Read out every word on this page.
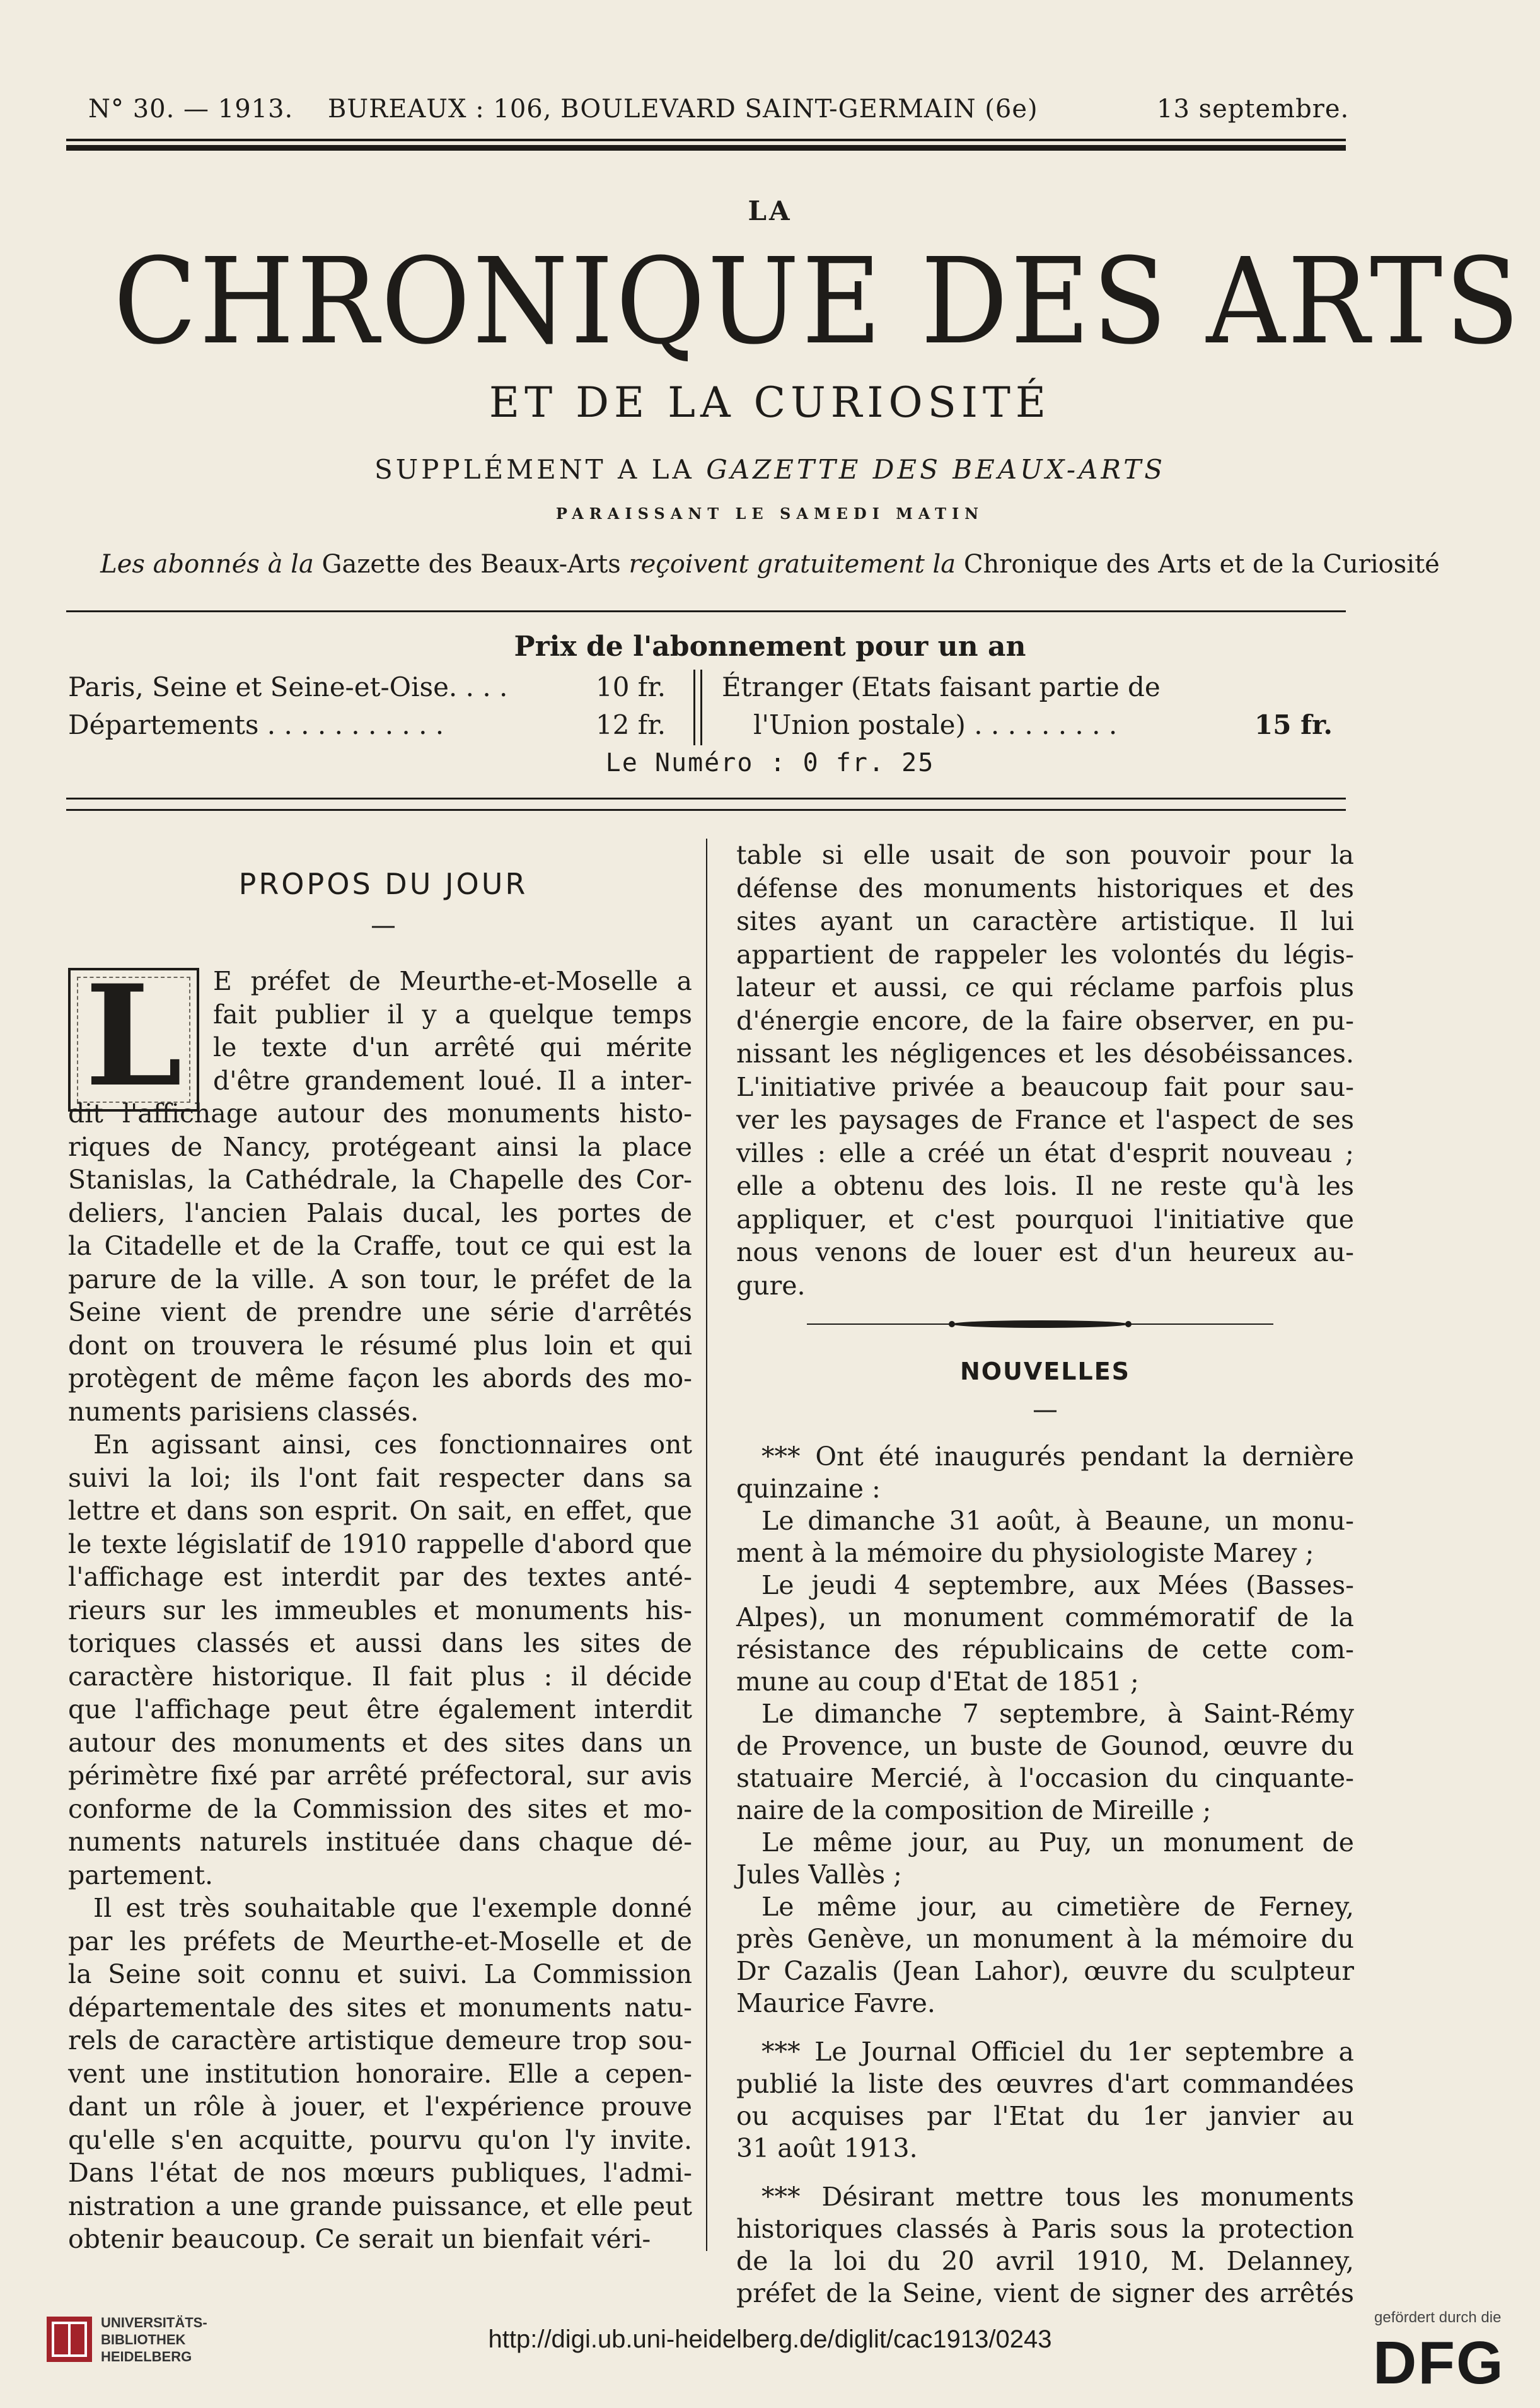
N° 30. — 1913. BUREAUX : 106, BOULEVARD SAINT-GERMAIN (6e)	13 septembre.
LA
CHRONIQUE DES ARTS
ET DE LA CURIOSITÉ
SUPPLÉMENT A LA GAZETTE DES BEAUX-ARTS
PARAISSANT LE SAMEDI MATIN
Les abonnés à la Gazette des Beaux-Arts reçoivent gratuitement la Chronique des Arts et de la Curiosité
Prix de l'abonnement pour un an
Paris, Seine et Seine-et-Oise. . . .	10 fr.
Départements . . . . . . . . . . .	12 fr.
Étranger (Etats faisant partie de
l'Union postale) . . . . . . . . .	15 fr.
Le Numéro : 0 fr. 25
PROPOS DU JOUR
—
L	E préfet de Meurthe-et-Moselle a
fait publier il y a quelque temps
le texte d'un arrêté qui mérite
d'être grandement loué. Il a inter-
dit l'affichage autour des monuments histo-
riques de Nancy, protégeant ainsi la place
Stanislas, la Cathédrale, la Chapelle des Cor-
deliers, l'ancien Palais ducal, les portes de
la Citadelle et de la Craffe, tout ce qui est la
parure de la ville. A son tour, le préfet de la
Seine vient de prendre une série d'arrêtés
dont on trouvera le résumé plus loin et qui
protègent de même façon les abords des mo-
numents parisiens classés.
En agissant ainsi, ces fonctionnaires ont
suivi la loi; ils l'ont fait respecter dans sa
lettre et dans son esprit. On sait, en effet, que
le texte législatif de 1910 rappelle d'abord que
l'affichage est interdit par des textes anté-
rieurs sur les immeubles et monuments his-
toriques classés et aussi dans les sites de
caractère historique. Il fait plus : il décide
que l'affichage peut être également interdit
autour des monuments et des sites dans un
périmètre fixé par arrêté préfectoral, sur avis
conforme de la Commission des sites et mo-
numents naturels instituée dans chaque dé-
partement.
Il est très souhaitable que l'exemple donné
par les préfets de Meurthe-et-Moselle et de
la Seine soit connu et suivi. La Commission
départementale des sites et monuments natu-
rels de caractère artistique demeure trop sou-
vent une institution honoraire. Elle a cepen-
dant un rôle à jouer, et l'expérience prouve
qu'elle s'en acquitte, pourvu qu'on l'y invite.
Dans l'état de nos mœurs publiques, l'admi-
nistration a une grande puissance, et elle peut
obtenir beaucoup. Ce serait un bienfait véri-
table si elle usait de son pouvoir pour la
défense des monuments historiques et des
sites ayant un caractère artistique. Il lui
appartient de rappeler les volontés du légis-
lateur et aussi, ce qui réclame parfois plus
d'énergie encore, de la faire observer, en pu-
nissant les négligences et les désobéissances.
L'initiative privée a beaucoup fait pour sau-
ver les paysages de France et l'aspect de ses
villes : elle a créé un état d'esprit nouveau ;
elle a obtenu des lois. Il ne reste qu'à les
appliquer, et c'est pourquoi l'initiative que
nous venons de louer est d'un heureux au-
gure.
NOUVELLES
—
*** Ont été inaugurés pendant la dernière
quinzaine :
Le dimanche 31 août, à Beaune, un monu-
ment à la mémoire du physiologiste Marey ;
Le jeudi 4 septembre, aux Mées (Basses-
Alpes), un monument commémoratif de la
résistance des républicains de cette com-
mune au coup d'Etat de 1851 ;
Le dimanche 7 septembre, à Saint-Rémy
de Provence, un buste de Gounod, œuvre du
statuaire Mercié, à l'occasion du cinquante-
naire de la composition de Mireille ;
Le même jour, au Puy, un monument de
Jules Vallès ;
Le même jour, au cimetière de Ferney,
près Genève, un monument à la mémoire du
Dr Cazalis (Jean Lahor), œuvre du sculpteur
Maurice Favre.
*** Le Journal Officiel du 1er septembre a
publié la liste des œuvres d'art commandées
ou acquises par l'Etat du 1er janvier au
31 août 1913.
*** Désirant mettre tous les monuments
historiques classés à Paris sous la protection
de la loi du 20 avril 1910, M. Delanney,
préfet de la Seine, vient de signer des arrêtés
UNIVERSITÄTS-
BIBLIOTHEK
HEIDELBERG
http://digi.ub.uni-heidelberg.de/diglit/cac1913/0243
gefördert durch die
DFG
